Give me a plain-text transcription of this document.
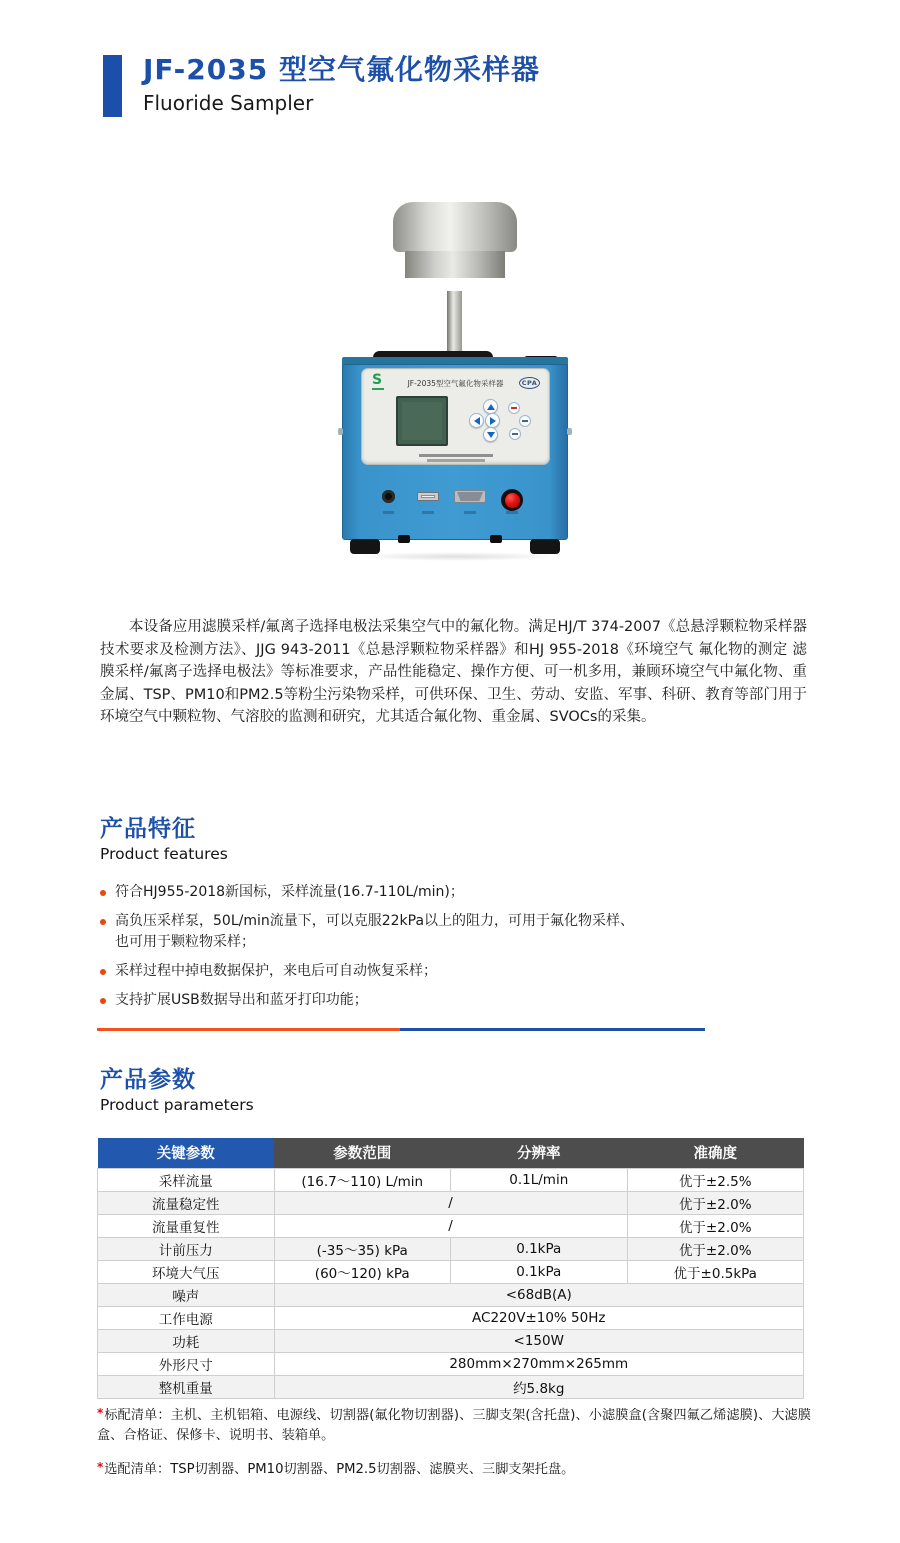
JF-2035 型空气氟化物采样器
Fluoride Sampler
S	JF-2035型空气氟化物采样器	CPA

本设备应用滤膜采样/氟离子选择电极法采集空气中的氟化物。满足HJ/T 374-2007《总悬浮颗粒物采样器技术要求及检测方法》、JJG 943-2011《总悬浮颗粒物采样器》和HJ 955-2018《环境空气 氟化物的测定 滤膜采样/氟离子选择电极法》等标准要求，产品性能稳定、操作方便、可一机多用，兼顾环境空气中氟化物、重金属、TSP、PM10和PM2.5等粉尘污染物采样，可供环保、卫生、劳动、安监、军事、科研、教育等部门用于环境空气中颗粒物、气溶胶的监测和研究，尤其适合氟化物、重金属、SVOCs的采集。

产品特征
Product features
符合HJ955-2018新国标，采样流量(16.7-110L/min)；
高负压采样泵，50L/min流量下，可以克服22kPa以上的阻力，可用于氟化物采样、也可用于颗粒物采样；
采样过程中掉电数据保护，来电后可自动恢复采样；
支持扩展USB数据导出和蓝牙打印功能；
产品参数
Product parameters
关键参数	参数范围	分辨率	准确度
采样流量	(16.7～110) L/min	0.1L/min	优于±2.5%
流量稳定性	/		优于±2.0%
流量重复性	/		优于±2.0%
计前压力	(-35～35) kPa	0.1kPa	优于±2.0%
环境大气压	(60～120) kPa	0.1kPa	优于±0.5kPa
噪声	<68dB(A)		
工作电源	AC220V±10% 50Hz		
功耗	<150W		
外形尺寸	280mm×270mm×265mm		
整机重量	约5.8kg		

*标配清单：主机、主机铝箱、电源线、切割器(氟化物切割器)、三脚支架(含托盘)、小滤膜盒(含聚四氟乙烯滤膜)、大滤膜盒、合格证、保修卡、说明书、装箱单。

*选配清单：TSP切割器、PM10切割器、PM2.5切割器、滤膜夹、三脚支架托盘。
